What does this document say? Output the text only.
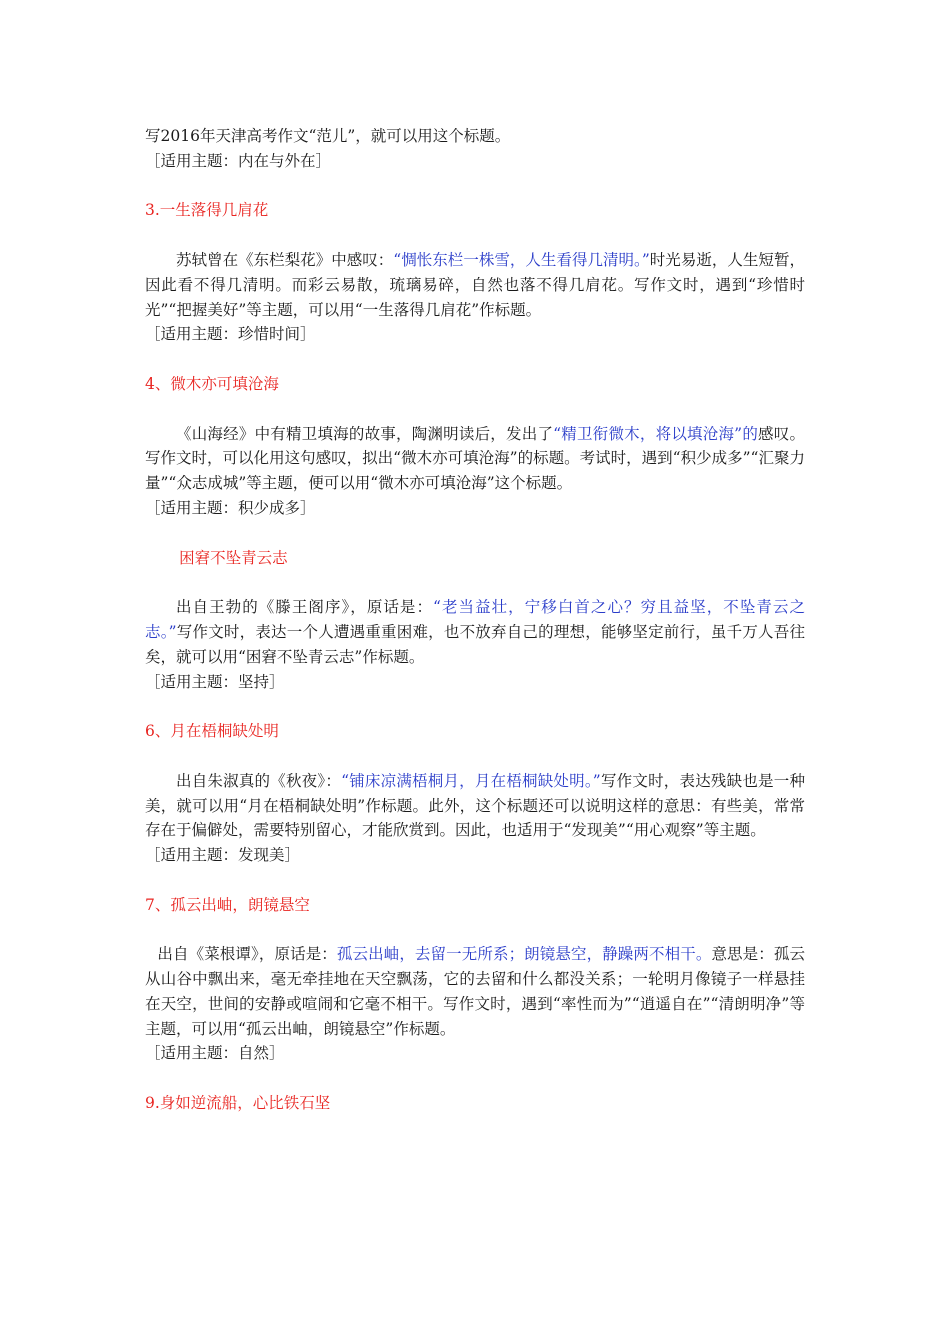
写2016年天津高考作文“范儿”，就可以用这个标题。

［适用主题：内在与外在］

3.一生落得几肩花

苏轼曾在《东栏梨花》中感叹：“惆怅东栏一株雪，人生看得几清明。”时光易逝，人生短暂，因此看不得几清明。而彩云易散，琉璃易碎，自然也落不得几肩花。写作文时，遇到“珍惜时光”“把握美好”等主题，可以用“一生落得几肩花”作标题。

［适用主题：珍惜时间］

4、微木亦可填沧海

《山海经》中有精卫填海的故事，陶渊明读后，发出了“精卫衔微木，将以填沧海”的感叹。写作文时，可以化用这句感叹，拟出“微木亦可填沧海”的标题。考试时，遇到“积少成多”“汇聚力量”“众志成城”等主题，便可以用“微木亦可填沧海”这个标题。

［适用主题：积少成多］

困窘不坠青云志

出自王勃的《滕王阁序》，原话是：“老当益壮，宁移白首之心？穷且益坚，不坠青云之志。”写作文时，表达一个人遭遇重重困难，也不放弃自己的理想，能够坚定前行，虽千万人吾往矣，就可以用“困窘不坠青云志”作标题。

［适用主题：坚持］

6、月在梧桐缺处明

出自朱淑真的《秋夜》：“铺床凉满梧桐月，月在梧桐缺处明。”写作文时，表达残缺也是一种美，就可以用“月在梧桐缺处明”作标题。此外，这个标题还可以说明这样的意思：有些美，常常存在于偏僻处，需要特别留心，才能欣赏到。因此，也适用于“发现美”“用心观察”等主题。

［适用主题：发现美］

7、孤云出岫，朗镜悬空

出自《菜根谭》，原话是：孤云出岫，去留一无所系；朗镜悬空，静躁两不相干。意思是：孤云从山谷中飘出来，毫无牵挂地在天空飘荡，它的去留和什么都没关系；一轮明月像镜子一样悬挂在天空，世间的安静或喧闹和它毫不相干。写作文时，遇到“率性而为”“逍遥自在”“清朗明净”等主题，可以用“孤云出岫，朗镜悬空”作标题。

［适用主题：自然］

9.身如逆流船，心比铁石坚
